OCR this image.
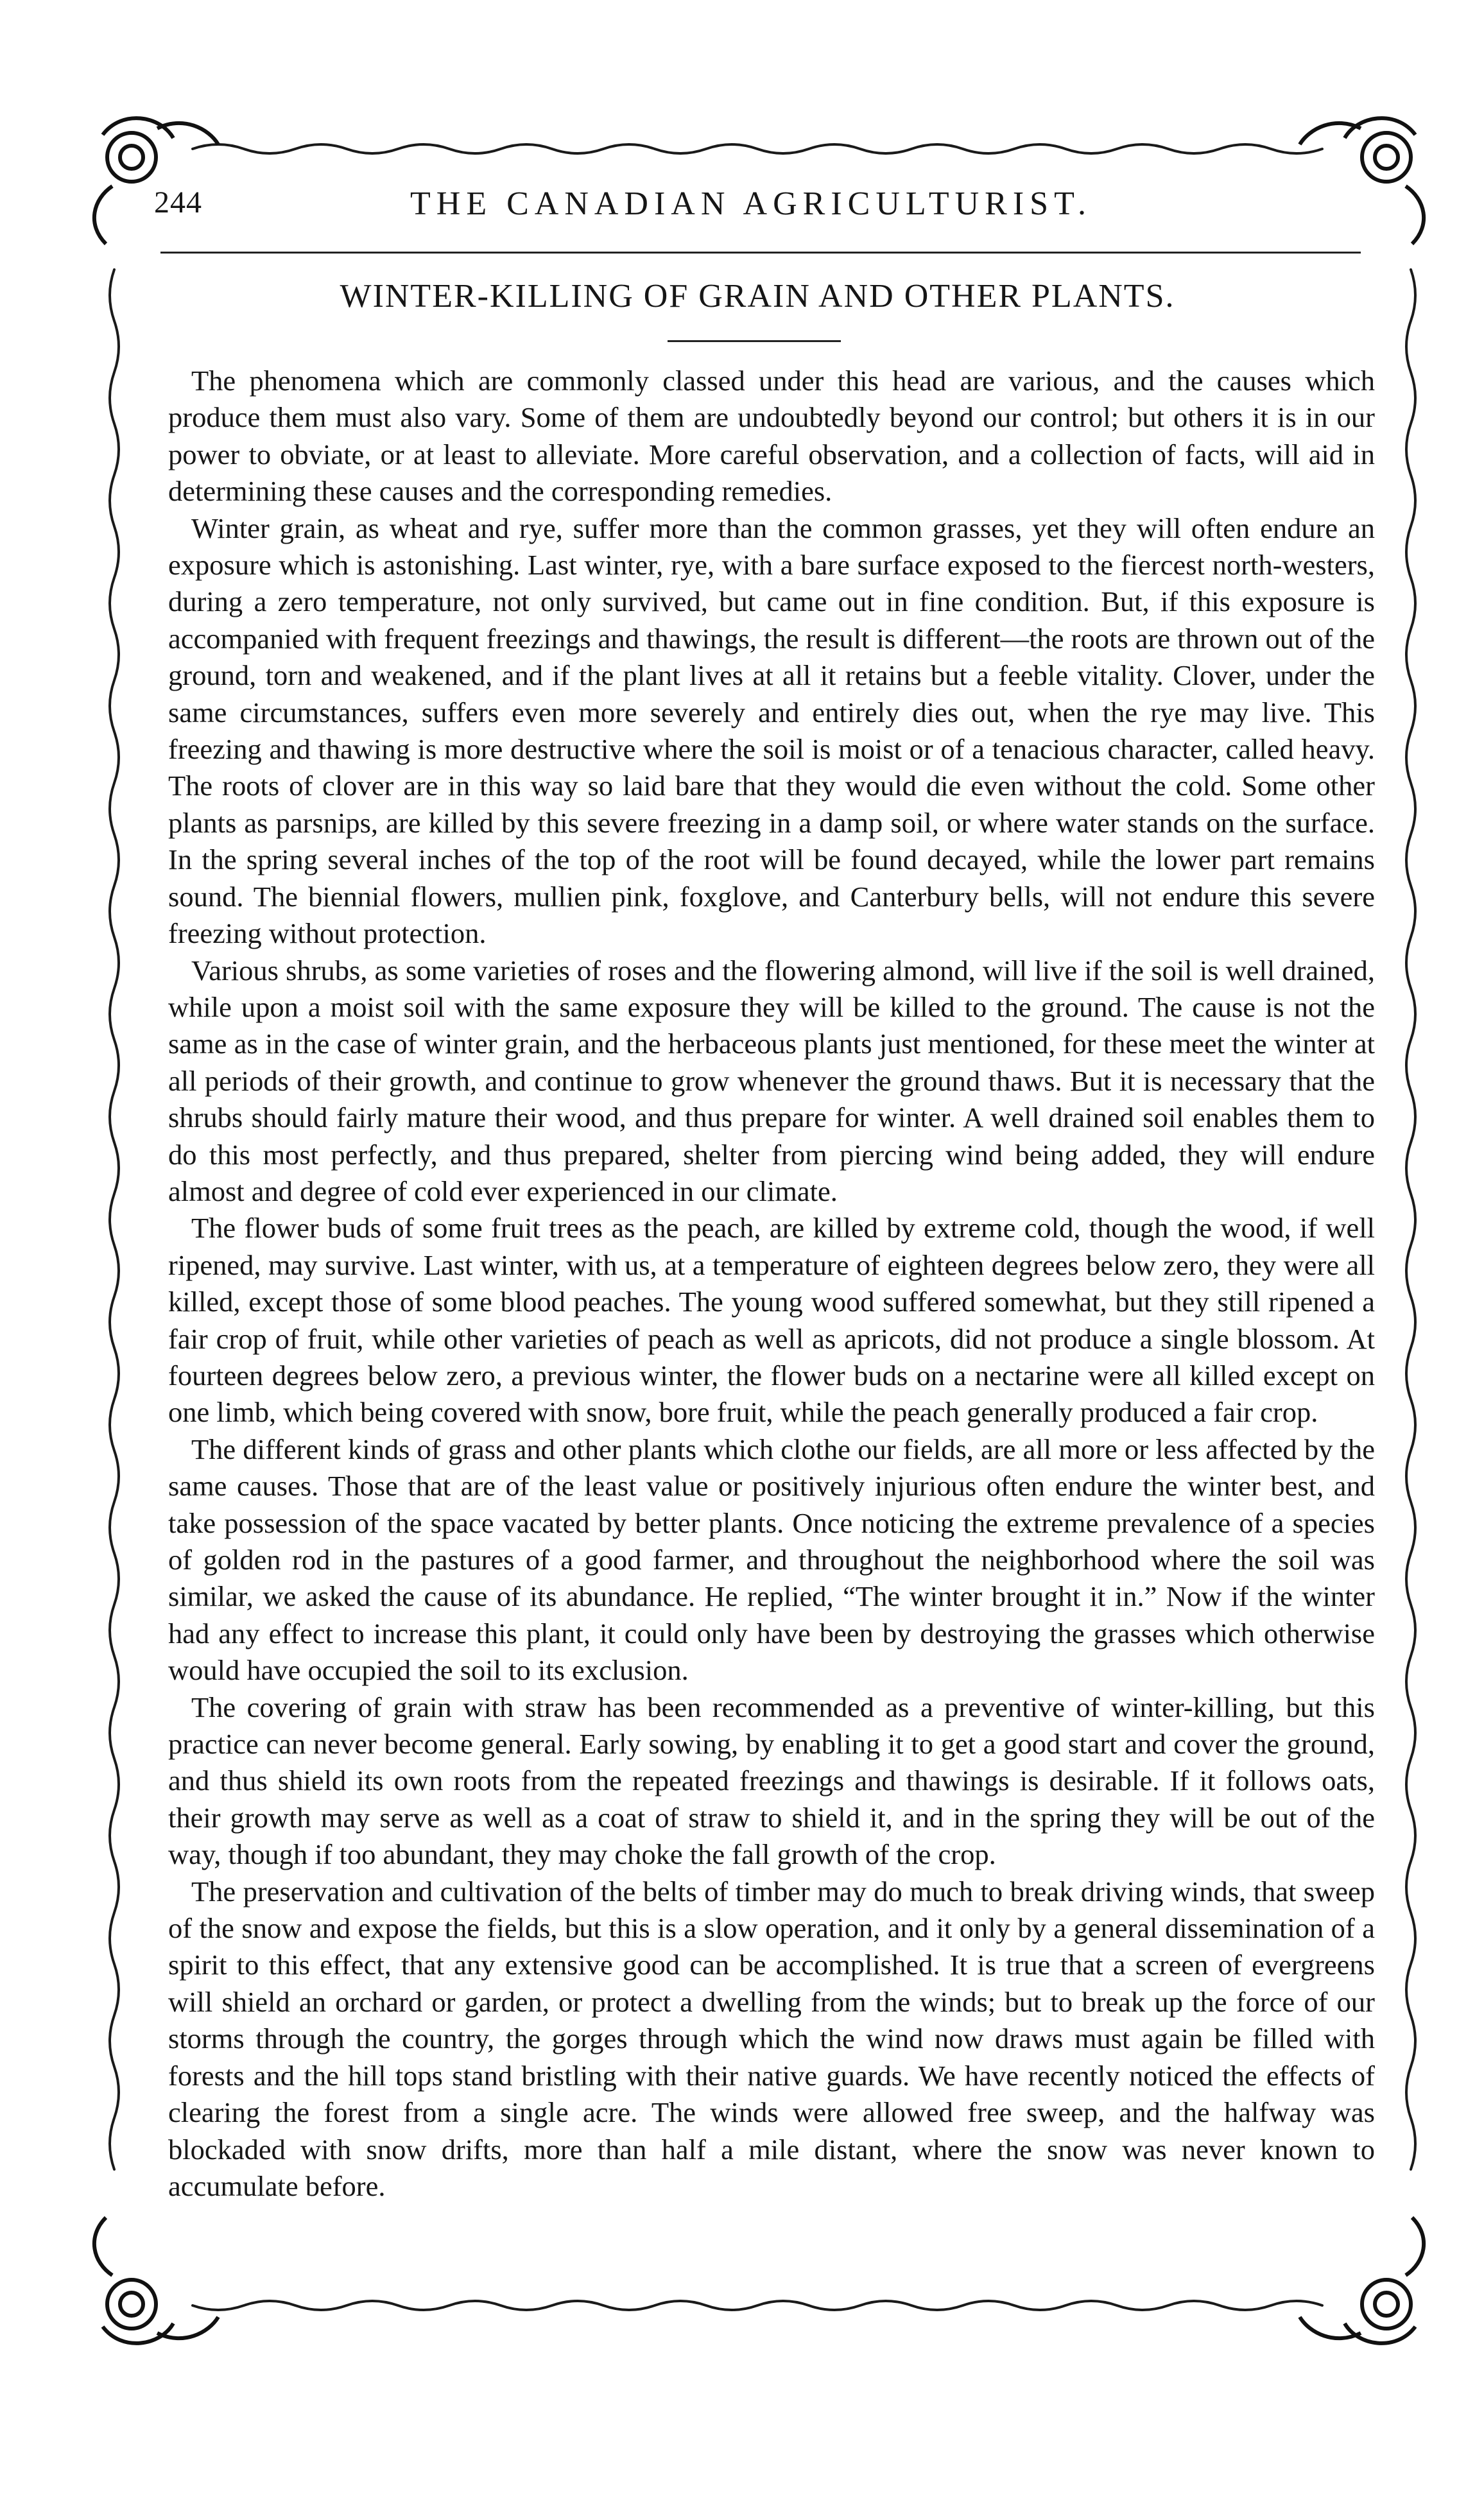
244	THE CANADIAN AGRICULTURIST.
WINTER-KILLING OF GRAIN AND OTHER PLANTS.

The phenomena which are commonly classed under this head are various, and the causes which produce them must also vary. Some of them are undoubtedly beyond our control; but others it is in our power to obviate, or at least to alleviate. More careful observation, and a collection of facts, will aid in determining these causes and the corresponding remedies.

Winter grain, as wheat and rye, suffer more than the common grasses, yet they will often endure an exposure which is astonishing. Last winter, rye, with a bare surface exposed to the fiercest north-westers, during a zero temperature, not only survived, but came out in fine condition. But, if this exposure is accompanied with frequent freezings and thawings, the result is different—the roots are thrown out of the ground, torn and weakened, and if the plant lives at all it retains but a feeble vitality. Clover, under the same circumstances, suffers even more severely and entirely dies out, when the rye may live. This freezing and thawing is more destructive where the soil is moist or of a tenacious character, called heavy. The roots of clover are in this way so laid bare that they would die even without the cold. Some other plants as parsnips, are killed by this severe freezing in a damp soil, or where water stands on the surface. In the spring several inches of the top of the root will be found decayed, while the lower part remains sound. The biennial flowers, mullien pink, foxglove, and Canterbury bells, will not endure this severe freezing without protection.

Various shrubs, as some varieties of roses and the flowering almond, will live if the soil is well drained, while upon a moist soil with the same exposure they will be killed to the ground. The cause is not the same as in the case of winter grain, and the herbaceous plants just mentioned, for these meet the winter at all periods of their growth, and continue to grow whenever the ground thaws. But it is necessary that the shrubs should fairly mature their wood, and thus prepare for winter. A well drained soil enables them to do this most perfectly, and thus prepared, shelter from piercing wind being added, they will endure almost and degree of cold ever experienced in our climate.

The flower buds of some fruit trees as the peach, are killed by extreme cold, though the wood, if well ripened, may survive. Last winter, with us, at a temperature of eighteen degrees below zero, they were all killed, except those of some blood peaches. The young wood suffered somewhat, but they still ripened a fair crop of fruit, while other varieties of peach as well as apricots, did not produce a single blossom. At fourteen degrees below zero, a previous winter, the flower buds on a nectarine were all killed except on one limb, which being covered with snow, bore fruit, while the peach generally produced a fair crop.

The different kinds of grass and other plants which clothe our fields, are all more or less affected by the same causes. Those that are of the least value or positively injurious often endure the winter best, and take possession of the space vacated by better plants. Once noticing the extreme prevalence of a species of golden rod in the pastures of a good farmer, and throughout the neighborhood where the soil was similar, we asked the cause of its abundance. He replied, “The winter brought it in.” Now if the winter had any effect to increase this plant, it could only have been by destroying the grasses which otherwise would have occupied the soil to its exclusion.

The covering of grain with straw has been recommended as a preventive of winter-killing, but this practice can never become general. Early sowing, by enabling it to get a good start and cover the ground, and thus shield its own roots from the repeated freezings and thawings is desirable. If it follows oats, their growth may serve as well as a coat of straw to shield it, and in the spring they will be out of the way, though if too abundant, they may choke the fall growth of the crop.

The preservation and cultivation of the belts of timber may do much to break driving winds, that sweep of the snow and expose the fields, but this is a slow operation, and it only by a general dissemination of a spirit to this effect, that any extensive good can be accomplished. It is true that a screen of evergreens will shield an orchard or garden, or protect a dwelling from the winds; but to break up the force of our storms through the country, the gorges through which the wind now draws must again be filled with forests and the hill tops stand bristling with their native guards. We have recently noticed the effects of clearing the forest from a single acre. The winds were allowed free sweep, and the halfway was blockaded with snow drifts, more than half a mile distant, where the snow was never known to accumulate before.
